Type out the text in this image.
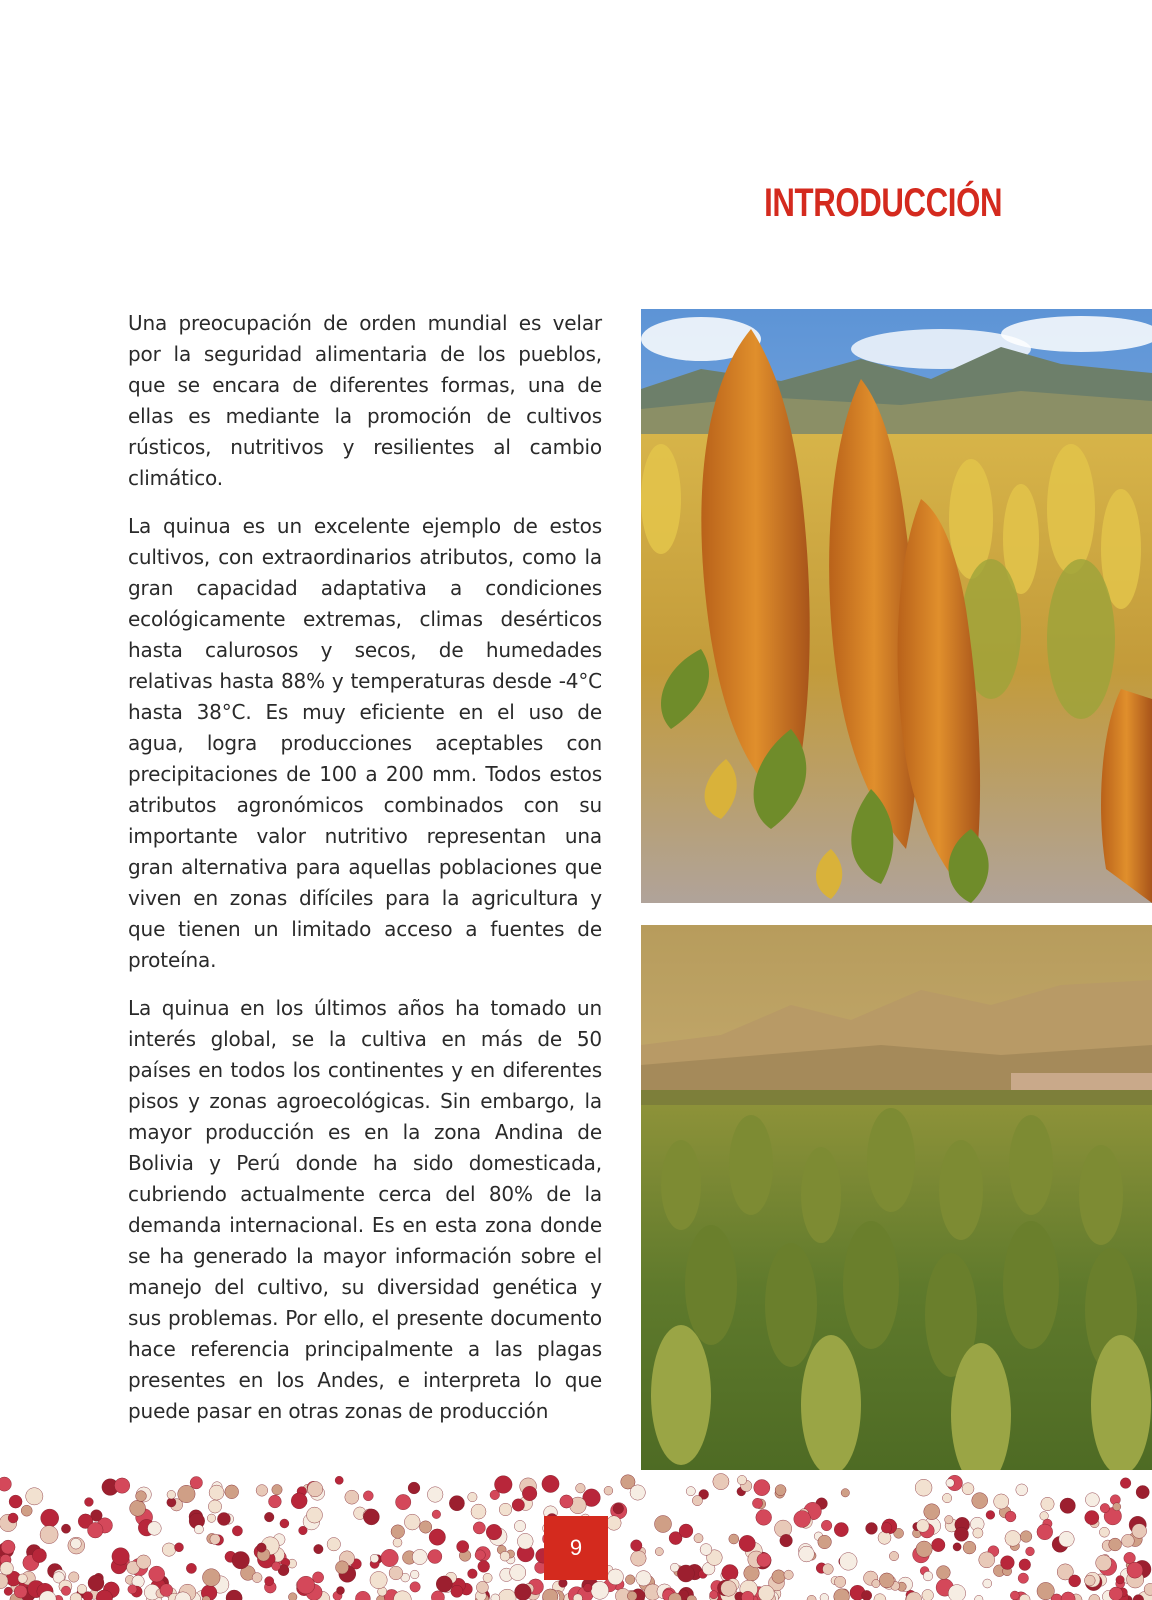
INTRODUCCIÓN

Una preocupación de orden mundial es velar por la seguridad alimentaria de los pueblos, que se encara de diferentes formas, una de ellas es mediante la promoción de cultivos rústicos, nutritivos y resilientes al cambio climático.

La quinua es un excelente ejemplo de estos cultivos, con extraordinarios atributos, como la gran capacidad adaptativa a condiciones ecológicamente extremas, climas desérticos hasta calurosos y secos, de humedades relativas hasta 88% y temperaturas desde -4°C hasta 38°C. Es muy eficiente en el uso de agua, logra producciones aceptables con precipitaciones de 100 a 200 mm. Todos estos atributos agronómicos combinados con su importante valor nutritivo representan una gran alternativa para aquellas poblaciones que viven en zonas difíciles para la agricultura y que tienen un limitado acceso a fuentes de proteína.

La quinua en los últimos años ha tomado un interés global, se la cultiva en más de 50 países en todos los continentes y en diferentes pisos y zonas agroecológicas. Sin embargo, la mayor producción es en la zona Andina de Bolivia y Perú donde ha sido domesticada, cubriendo actualmente cerca del 80% de la demanda internacional. Es en esta zona donde se ha generado la mayor información sobre el manejo del cultivo, su diversidad genética y sus problemas. Por ello, el presente documento hace referencia principalmente a las plagas presentes en los Andes, e interpreta lo que puede pasar en otras zonas de producción

9
